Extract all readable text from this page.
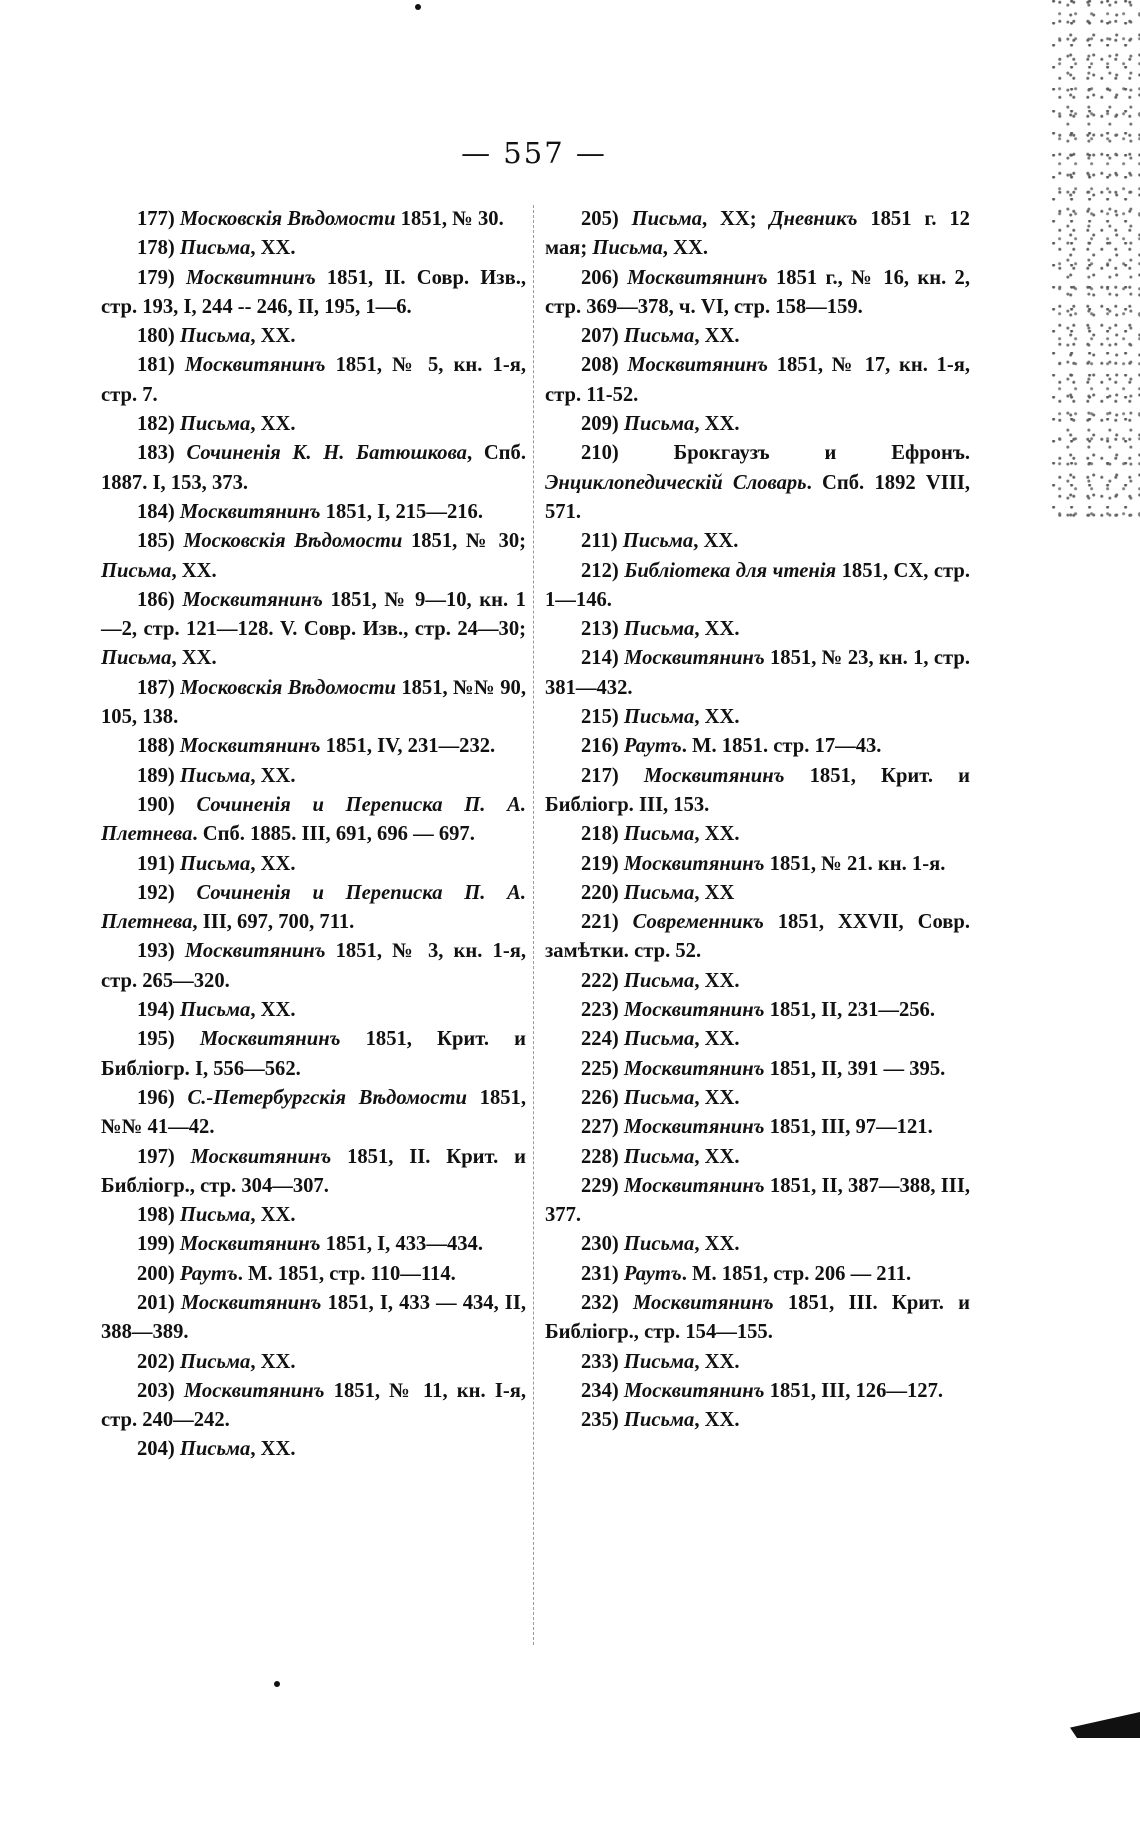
— 557 —

177) Московскія Вѣдомости 1851, № 30.

178) Письма, XX.

179) Москвитнинъ 1851, II. Совр. Изв., стр. 193, I, 244 -- 246, II, 195, 1—6.

180) Письма, XX.

181) Москвитянинъ 1851, № 5, кн. 1-я, стр. 7.

182) Письма, XX.

183) Сочиненія К. Н. Батюшкова, Спб. 1887. I, 153, 373.

184) Москвитянинъ 1851, I, 215—216.

185) Московскія Вѣдомости 1851, № 30; Письма, XX.

186) Москвитянинъ 1851, № 9—10, кн. 1—2, стр. 121—128. V. Совр. Изв., стр. 24—30; Письма, XX.

187) Московскія Вѣдомости 1851, №№ 90, 105, 138.

188) Москвитянинъ 1851, IV, 231—232.

189) Письма, XX.

190) Сочиненія и Переписка П. А. Плетнева. Спб. 1885. III, 691, 696 — 697.

191) Письма, XX.

192) Сочиненія и Переписка П. А. Плетнева, III, 697, 700, 711.

193) Москвитянинъ 1851, № 3, кн. 1-я, стр. 265—320.

194) Письма, XX.

195) Москвитянинъ 1851, Крит. и Библіогр. I, 556—562.

196) С.-Петербургскія Вѣдомости 1851, №№ 41—42.

197) Москвитянинъ 1851, II. Крит. и Библіогр., стр. 304—307.

198) Письма, XX.

199) Москвитянинъ 1851, I, 433—434.

200) Раутъ. М. 1851, стр. 110—114.

201) Москвитянинъ 1851, I, 433 — 434, II, 388—389.

202) Письма, XX.

203) Москвитянинъ 1851, № 11, кн. I-я, стр. 240—242.

204) Письма, XX.

205) Письма, XX; Дневникъ 1851 г. 12 мая; Письма, XX.

206) Москвитянинъ 1851 г., № 16, кн. 2, стр. 369—378, ч. VI, стр. 158—159.

207) Письма, XX.

208) Москвитянинъ 1851, № 17, кн. 1-я, стр. 11-52.

209) Письма, XX.

210) Брокгаузъ и Ефронъ. Энциклопедическій Словарь. Спб. 1892 VIII, 571.

211) Письма, XX.

212) Библіотека для чтенія 1851, CX, стр. 1—146.

213) Письма, XX.

214) Москвитянинъ 1851, № 23, кн. 1, стр. 381—432.

215) Письма, XX.

216) Раутъ. М. 1851. стр. 17—43.

217) Москвитянинъ 1851, Крит. и Библіогр. III, 153.

218) Письма, XX.

219) Москвитянинъ 1851, № 21. кн. 1-я.

220) Письма, XX

221) Современникъ 1851, XXVII, Совр. замѣтки. стр. 52.

222) Письма, XX.

223) Москвитянинъ 1851, II, 231—256.

224) Письма, XX.

225) Москвитянинъ 1851, II, 391 — 395.

226) Письма, XX.

227) Москвитянинъ 1851, III, 97—121.

228) Письма, XX.

229) Москвитянинъ 1851, II, 387—388, III, 377.

230) Письма, XX.

231) Раутъ. М. 1851, стр. 206 — 211.

232) Москвитянинъ 1851, III. Крит. и Библіогр., стр. 154—155.

233) Письма, XX.

234) Москвитянинъ 1851, III, 126—127.

235) Письма, XX.
